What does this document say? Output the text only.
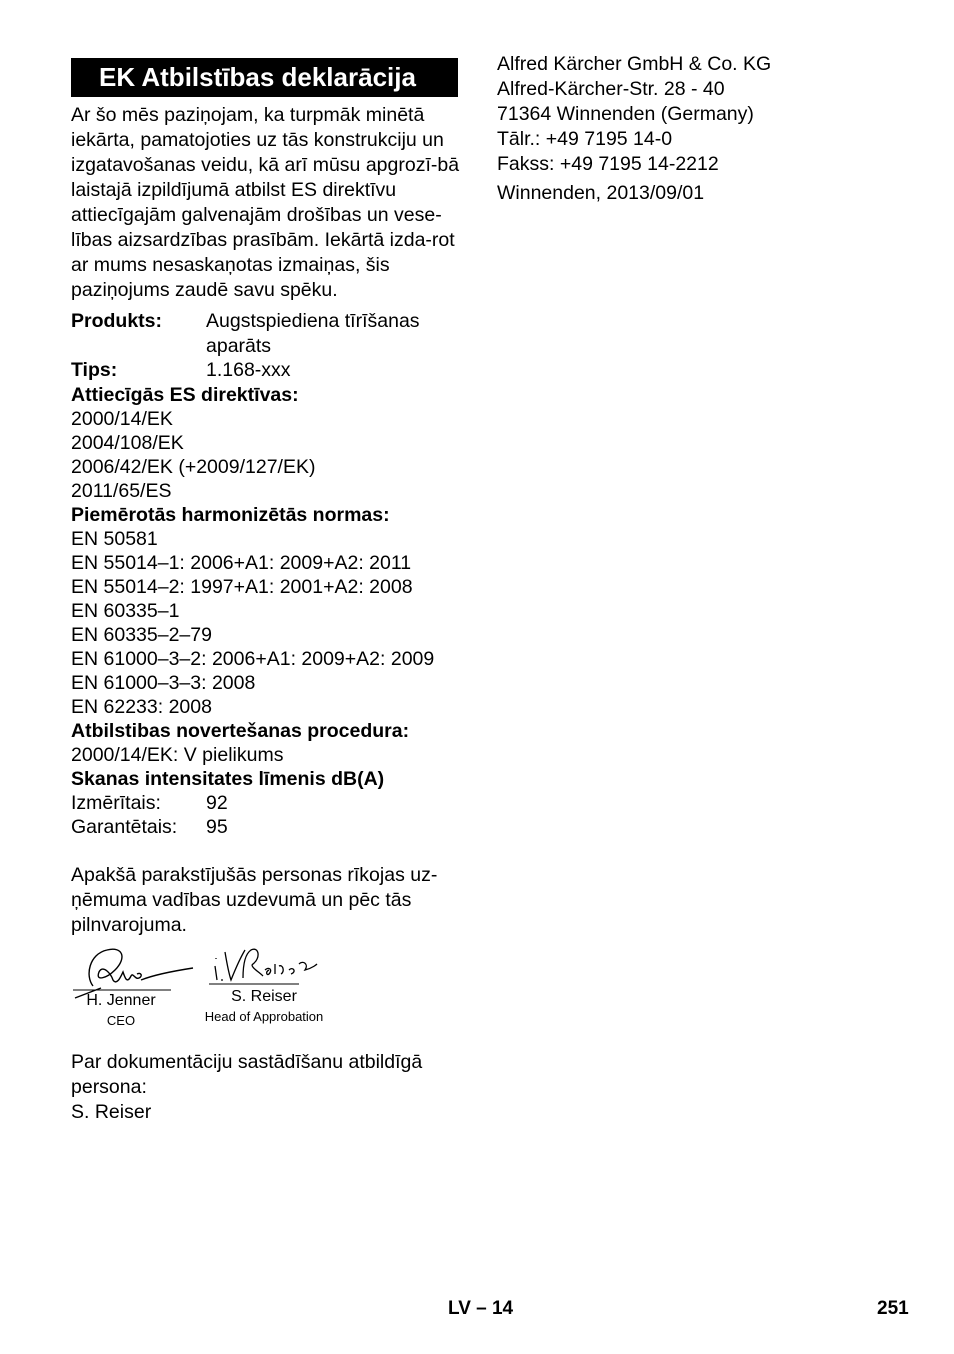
EK Atbilstības deklarācija
Ar šo mēs paziņojam, ka turpmāk minētā iekārta, pamatojoties uz tās konstrukciju un izgatavošanas veidu, kā arī mūsu apgrozī-bā laistajā izpildījumā atbilst ES direktīvu attiecīgajām galvenajām drošības un vese-lības aizsardzības prasībām. Iekārtā izda-rot ar mums nesaskaņotas izmaiņas, šis paziņojums zaudē savu spēku.
Produkts:	Augstspiediena tīrīšanas aparāts
Tips:	1.168-xxx
Attiecīgās ES direktīvas:
2000/14/EK
2004/108/EK
2006/42/EK (+2009/127/EK)
2011/65/ES
Piemērotās harmonizētās normas:
EN 50581
EN 55014–1: 2006+A1: 2009+A2: 2011
EN 55014–2: 1997+A1: 2001+A2: 2008
EN 60335–1
EN 60335–2–79
EN 61000–3–2: 2006+A1: 2009+A2: 2009
EN 61000–3–3: 2008
EN 62233: 2008
Atbilstibas novertešanas procedura:
2000/14/EK: V pielikums
Skanas intensitates līmenis dB(A)
Izmērītais:	92
Garantētais:	95
Apakšā parakstījušās personas rīkojas uz-ņēmuma vadības uzdevumā un pēc tās pilnvarojuma.
H. Jenner
CEO
S. Reiser
Head of Approbation
Par dokumentāciju sastādīšanu atbildīgā persona:
S. Reiser
Alfred Kärcher GmbH & Co. KG
Alfred-Kärcher-Str. 28 - 40
71364 Winnenden (Germany)
Tālr.: +49 7195 14-0
Fakss: +49 7195 14-2212
Winnenden, 2013/09/01
LV – 14	251
